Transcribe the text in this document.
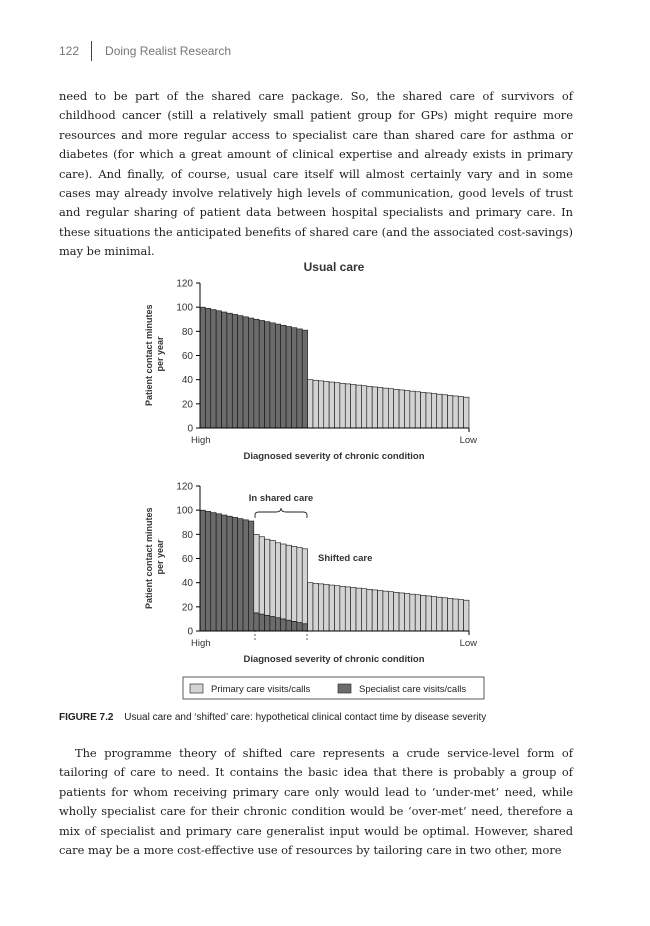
122	Doing Realist Research

need to be part of the shared care package. So, the shared care of survivors of childhood cancer (still a relatively small patient group for GPs) might require more resources and more regular access to specialist care than shared care for asthma or diabetes (for which a great amount of clinical expertise and already exists in primary care). And finally, of course, usual care itself will almost certainly vary and in some cases may already involve relatively high levels of communication, good levels of trust and regular sharing of patient data between hospital specialists and primary care. In these situations the anticipated benefits of shared care (and the associated cost-savings) may be minimal.

Usual care
0
20
40
60
80
100
120
0
20
40
60
80
100
120
Patient contact minutes per year
Patient contact minutes per year
Diagnosed severity of chronic condition
Diagnosed severity of chronic condition
High	Low
High	Low
In shared care
Shifted care
Primary care visits/calls	Specialist care visits/calls
FIGURE 7.2 Usual care and ‘shifted’ care: hypothetical clinical contact time by disease severity

The programme theory of shifted care represents a crude service-level form of tailoring of care to need. It contains the basic idea that there is probably a group of patients for whom receiving primary care only would lead to ‘under-met’ need, while wholly specialist care for their chronic condition would be ‘over-met’ need, therefore a mix of specialist and primary care generalist input would be optimal. However, shared care may be a more cost-effective use of resources by tailoring care in two other, more
